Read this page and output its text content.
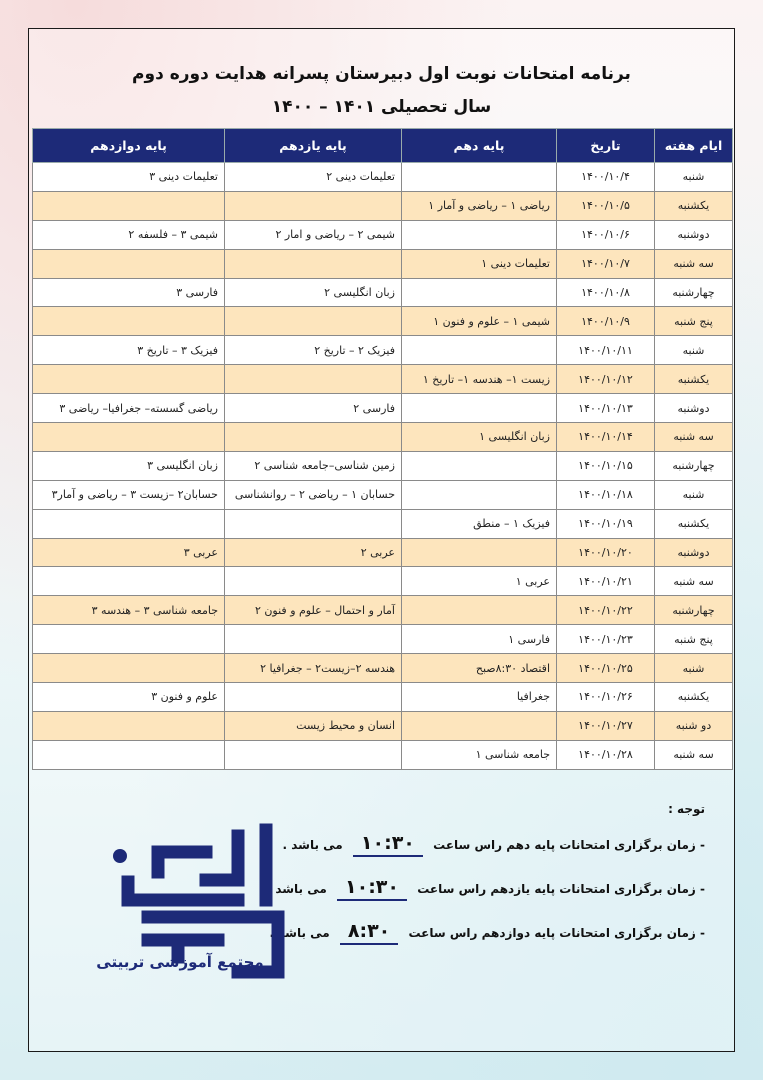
برنامه امتحانات نوبت اول دبیرستان پسرانه هدایت دوره دوم
سال تحصیلی ۱۴۰۱ – ۱۴۰۰
ایام هفته	تاریخ	پایه دهم	پایه یازدهم	پایه دوازدهم
شنبه	۱۴۰۰/۱۰/۴		تعلیمات دینی ۲	تعلیمات دینی ۳
یکشنبه	۱۴۰۰/۱۰/۵	ریاضی ۱ – ریاضی و آمار ۱		
دوشنبه	۱۴۰۰/۱۰/۶		شیمی ۲ – ریاضی و امار ۲	شیمی ۳ – فلسفه ۲
سه شنبه	۱۴۰۰/۱۰/۷	تعلیمات دینی ۱		
چهارشنبه	۱۴۰۰/۱۰/۸		زبان انگلیسی ۲	فارسی ۳
پنج شنبه	۱۴۰۰/۱۰/۹	شیمی ۱ – علوم و فنون ۱		
شنبه	۱۴۰۰/۱۰/۱۱		فیزیک ۲ – تاریخ ۲	فیزیک ۳ – تاریخ ۳
یکشنبه	۱۴۰۰/۱۰/۱۲	زیست ۱– هندسه ۱– تاریخ ۱		
دوشنبه	۱۴۰۰/۱۰/۱۳		فارسی ۲	ریاضی گسسته– جغرافیا– ریاضی ۳
سه شنبه	۱۴۰۰/۱۰/۱۴	زبان انگلیسی ۱		
چهارشنبه	۱۴۰۰/۱۰/۱۵		زمین شناسی–جامعه شناسی ۲	زبان انگلیسی ۳
شنبه	۱۴۰۰/۱۰/۱۸		حسابان ۱ – ریاضی ۲ – روانشناسی	حسابان۲ –زیست ۳ – ریاضی و آمار۳
یکشنبه	۱۴۰۰/۱۰/۱۹	فیزیک ۱ – منطق		
دوشنبه	۱۴۰۰/۱۰/۲۰		عربی ۲	عربی ۳
سه شنبه	۱۴۰۰/۱۰/۲۱	عربی ۱		
چهارشنبه	۱۴۰۰/۱۰/۲۲		آمار و احتمال – علوم و فنون ۲	جامعه شناسی ۳ – هندسه ۳
پنج شنبه	۱۴۰۰/۱۰/۲۳	فارسی ۱		
شنبه	۱۴۰۰/۱۰/۲۵	اقتصاد ۸:۳۰صبح	هندسه ۲–زیست۲ – جغرافیا ۲	
یکشنبه	۱۴۰۰/۱۰/۲۶	جغرافیا		علوم و فنون ۳
دو شنبه	۱۴۰۰/۱۰/۲۷		انسان و محیط زیست	
سه شنبه	۱۴۰۰/۱۰/۲۸	جامعه شناسی ۱		
توجه :
- زمان برگزاری امتحانات پایه دهم راس ساعت ۱۰:۳۰ می باشد .
- زمان برگزاری امتحانات پایه یازدهم راس ساعت ۱۰:۳۰ می باشد .
- زمان برگزاری امتحانات پایه دوازدهم راس ساعت ۸:۳۰ می باشد .
مجتمع آموزشی تربیتی
هدایت
